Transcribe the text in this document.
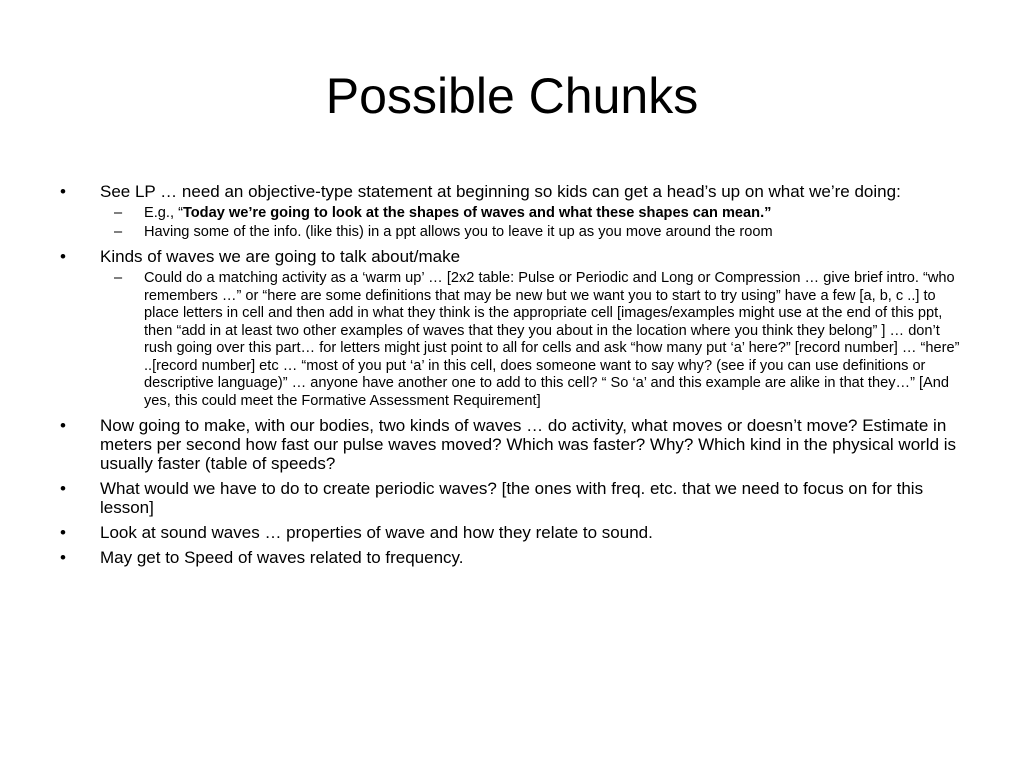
Possible Chunks
•	See LP … need an objective-type statement at beginning so kids can get a head’s up on what we’re doing:
– E.g., “Today we’re going to look at the shapes of waves and what these shapes can mean.”
– Having some of the info. (like this) in a ppt allows you to leave it up as you move around the room
•	Kinds of waves we are going to talk about/make
– Could do a matching activity as a ‘warm up’ … [2x2 table: Pulse or Periodic and Long or Compression … give brief intro. “who remembers …” or “here are some definitions that may be new but we want you to start to try using” have a few [a, b, c ..] to place letters in cell and then add in what they think is the appropriate cell [images/examples might use at the end of this ppt, then “add in at least two other examples of waves that they you about in the location where you think they belong” ] … don’t rush going over this part… for letters might just point to all for cells and ask “how many put ‘a’ here?” [record number] … “here” ..[record number] etc … “most of you put ‘a’ in this cell, does someone want to say why? (see if you can use definitions or descriptive language)” … anyone have another one to add to this cell? “ So ‘a’ and this example are alike in that they…” [And yes, this could meet the Formative Assessment Requirement]
•	Now going to make, with our bodies, two kinds of waves … do activity, what moves or doesn’t move? Estimate in meters per second how fast our pulse waves moved? Which was faster? Why? Which kind in the physical world is usually faster (table of speeds?
•	What would we have to do to create periodic waves? [the ones with freq. etc. that we need to focus on for this lesson]
•	Look at sound waves … properties of wave and how they relate to sound.
•	May get to Speed of waves related to frequency.
